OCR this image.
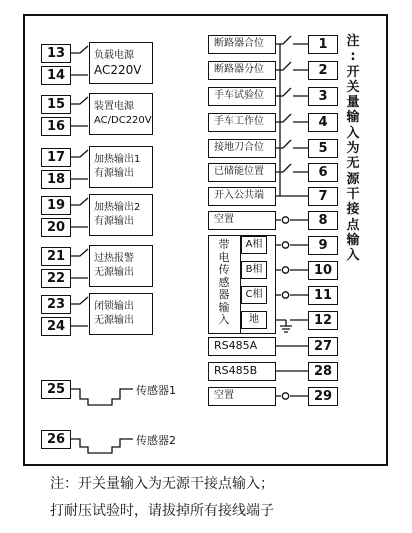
13
14
15
16
17
18
19
20
21
22
23
24
负载电源
AC220V
装置电源
AC/DC220V
加热输出1
有源输出
加热输出2
有源输出
过热报警
无源输出
闭锁输出
无源输出
25	传感器1
26	传感器2
断路器合位
断路器分位
手车试验位
手车工作位
接地刀合位
已储能位置
开入公共端
空置
带
电
传
感
器
输
入
A相
B相
C相
地
RS485A
RS485B
空置
1
2
3
4
5
6
7
8
9
10
11
12
27
28
29
注
:
开
关
量
输
入
为
无
源
干
接
点
输
入
注：开关量输入为无源干接点输入；
打耐压试验时，请拔掉所有接线端子
